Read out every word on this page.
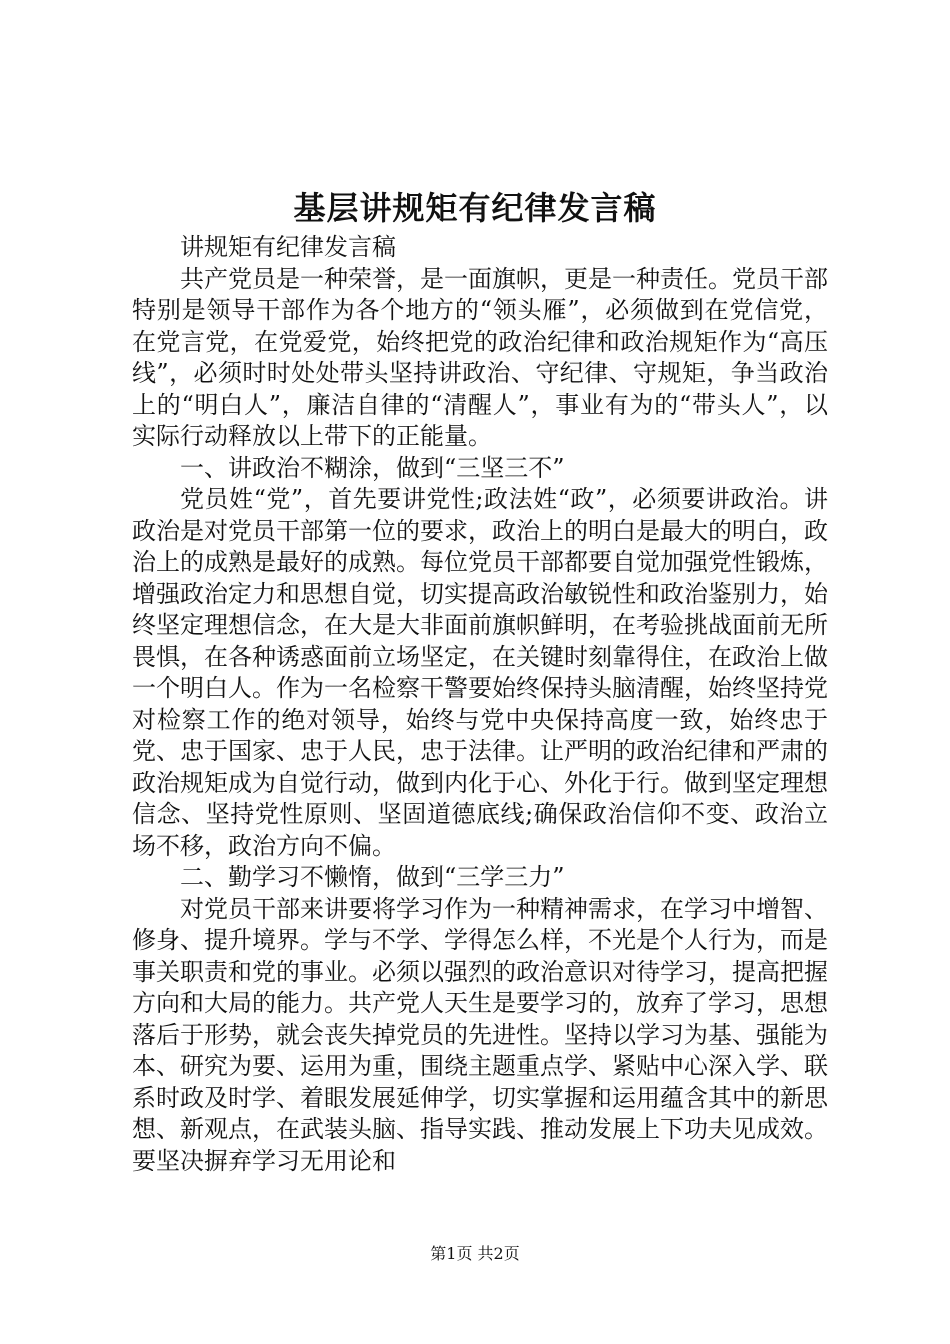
基层讲规矩有纪律发言稿

讲规矩有纪律发言稿

共产党员是一种荣誉，是一面旗帜，更是一种责任。党员干部特别是领导干部作为各个地方的“领头雁”，必须做到在党信党，在党言党，在党爱党，始终把党的政治纪律和政治规矩作为“高压线”，必须时时处处带头坚持讲政治、守纪律、守规矩，争当政治上的“明白人”，廉洁自律的“清醒人”，事业有为的“带头人”，以实际行动释放以上带下的正能量。

一、讲政治不糊涂，做到“三坚三不”

党员姓“党”，首先要讲党性;政法姓“政”，必须要讲政治。讲政治是对党员干部第一位的要求，政治上的明白是最大的明白，政治上的成熟是最好的成熟。每位党员干部都要自觉加强党性锻炼，增强政治定力和思想自觉，切实提高政治敏锐性和政治鉴别力，始终坚定理想信念，在大是大非面前旗帜鲜明，在考验挑战面前无所畏惧，在各种诱惑面前立场坚定，在关键时刻靠得住，在政治上做一个明白人。作为一名检察干警要始终保持头脑清醒，始终坚持党对检察工作的绝对领导，始终与党中央保持高度一致，始终忠于党、忠于国家、忠于人民，忠于法律。让严明的政治纪律和严肃的政治规矩成为自觉行动，做到内化于心、外化于行。做到坚定理想信念、坚持党性原则、坚固道德底线;确保政治信仰不变、政治立场不移，政治方向不偏。

二、勤学习不懒惰，做到“三学三力”

对党员干部来讲要将学习作为一种精神需求，在学习中增智、修身、提升境界。学与不学、学得怎么样，不光是个人行为，而是事关职责和党的事业。必须以强烈的政治意识对待学习，提高把握方向和大局的能力。共产党人天生是要学习的，放弃了学习，思想落后于形势，就会丧失掉党员的先进性。坚持以学习为基、强能为本、研究为要、运用为重，围绕主题重点学、紧贴中心深入学、联系时政及时学、着眼发展延伸学，切实掌握和运用蕴含其中的新思想、新观点，在武装头脑、指导实践、推动发展上下功夫见成效。要坚决摒弃学习无用论和

第1页 共2页
